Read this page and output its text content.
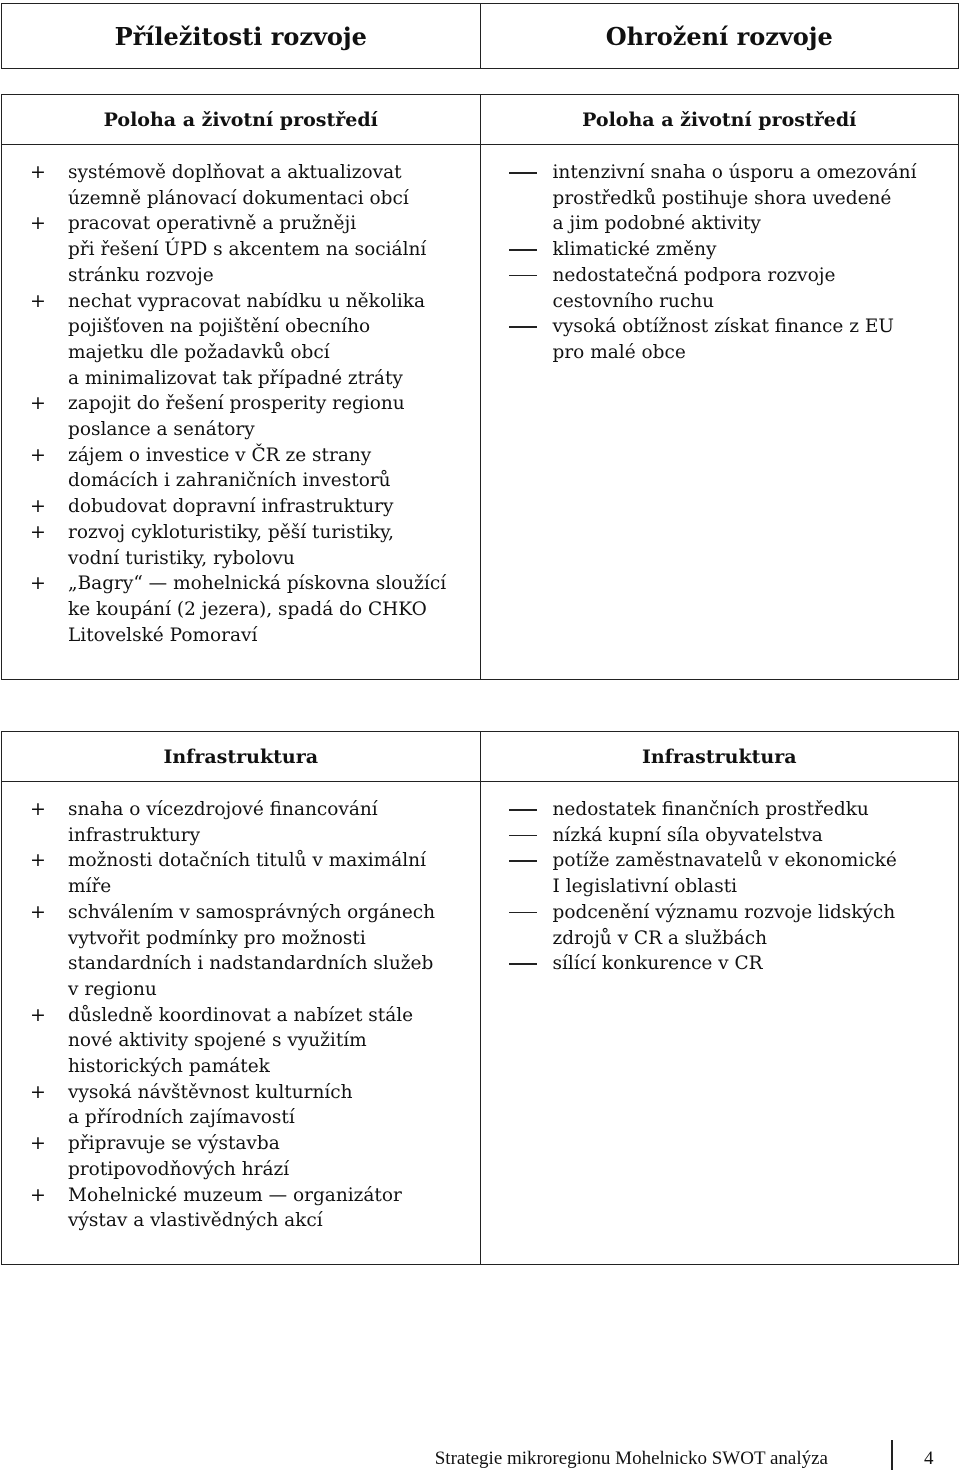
Příležitosti rozvoje	Ohrožení rozvoje
Poloha a životní prostředí
+
systémově doplňovat a aktualizovat
územně plánovací dokumentaci obcí
+
pracovat operativně a pružněji
při řešení ÚPD s akcentem na sociální
stránku rozvoje
+
nechat vypracovat nabídku u několika
pojišťoven na pojištění obecního
majetku dle požadavků obcí
a minimalizovat tak případné ztráty
+
zapojit do řešení prosperity regionu
poslance a senátory
+
zájem o investice v ČR ze strany
domácích i zahraničních investorů
+
dobudovat dopravní infrastruktury
+
rozvoj cykloturistiky, pěší turistiky,
vodní turistiky, rybolovu
+
„Bagry“ — mohelnická pískovna sloužící
ke koupání (2 jezera), spadá do CHKO
Litovelské Pomoraví
Poloha a životní prostředí
intenzivní snaha o úsporu a omezování
prostředků postihuje shora uvedené
a jim podobné aktivity
klimatické změny
nedostatečná podpora rozvoje
cestovního ruchu
vysoká obtížnost získat finance z EU
pro malé obce
Infrastruktura
+
snaha o vícezdrojové financování
infrastruktury
+
možnosti dotačních titulů v maximální
míře
+
schválením v samosprávných orgánech
vytvořit podmínky pro možnosti
standardních i nadstandardních služeb
v regionu
+
důsledně koordinovat a nabízet stále
nové aktivity spojené s využitím
historických památek
+
vysoká návštěvnost kulturních
a přírodních zajímavostí
+
připravuje se výstavba
protipovodňových hrází
+
Mohelnické muzeum — organizátor
výstav a vlastivědných akcí
Infrastruktura
nedostatek finančních prostředku
nízká kupní síla obyvatelstva
potíže zaměstnavatelů v ekonomické
I legislativní oblasti
podcenění významu rozvoje lidských
zdrojů v CR a službách
sílící konkurence v CR
Strategie mikroregionu Mohelnicko SWOT analýza	4
